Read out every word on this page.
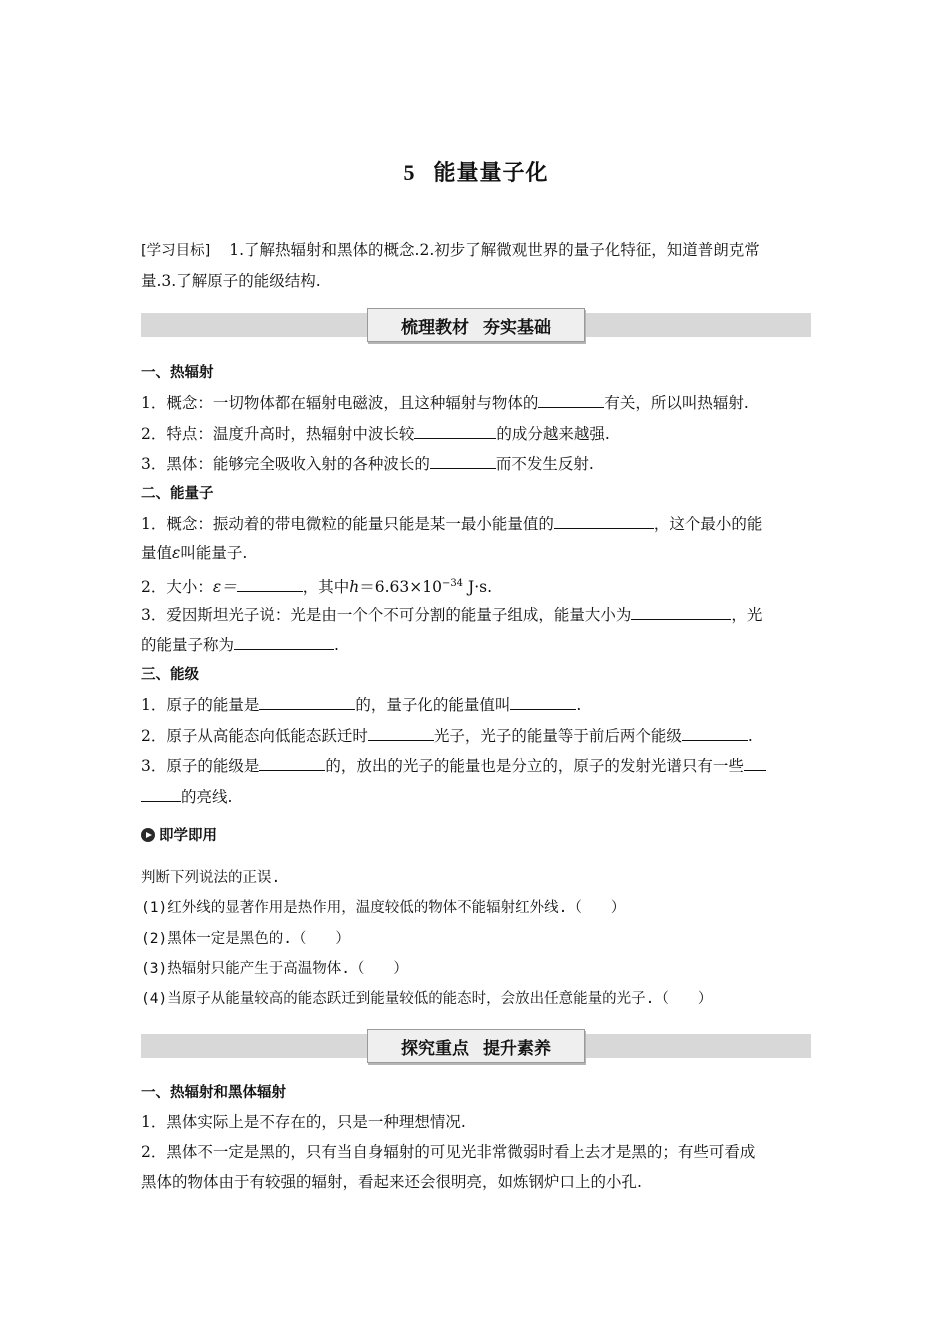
5 能量量子化
[学习目标] 1.了解热辐射和黑体的概念.2.初步了解微观世界的量子化特征，知道普朗克常
量.3.了解原子的能级结构.
梳理教材 夯实基础
一、热辐射
1．概念：一切物体都在辐射电磁波，且这种辐射与物体的	有关，所以叫热辐射.
2．特点：温度升高时，热辐射中波长较	的成分越来越强.
3．黑体：能够完全吸收入射的各种波长的	而不发生反射.
二、能量子
1．概念：振动着的带电微粒的能量只能是某一最小能量值的	，这个最小的能
量值ε叫能量子.
2．大小：ε＝	，其中$h=6.63\times 10^{-34}$ J·s.
3．爱因斯坦光子说：光是由一个个不可分割的能量子组成，能量大小为	，光
的能量子称为	.
三、能级
1．原子的能量是	的，量子化的能量值叫	.
2．原子从高能态向低能态跃迁时	光子，光子的能量等于前后两个能级	.
3．原子的能级是	的，放出的光子的能量也是分立的，原子的发射光谱只有一些
的亮线.
即学即用
判断下列说法的正误.
(1)红外线的显著作用是热作用，温度较低的物体不能辐射红外线.（　　）
(2)黑体一定是黑色的.（　　）
(3)热辐射只能产生于高温物体.（　　）
(4)当原子从能量较高的能态跃迁到能量较低的能态时，会放出任意能量的光子.（　　）
探究重点 提升素养
一、热辐射和黑体辐射
1．黑体实际上是不存在的，只是一种理想情况.
2．黑体不一定是黑的，只有当自身辐射的可见光非常微弱时看上去才是黑的；有些可看成
黑体的物体由于有较强的辐射，看起来还会很明亮，如炼钢炉口上的小孔.
